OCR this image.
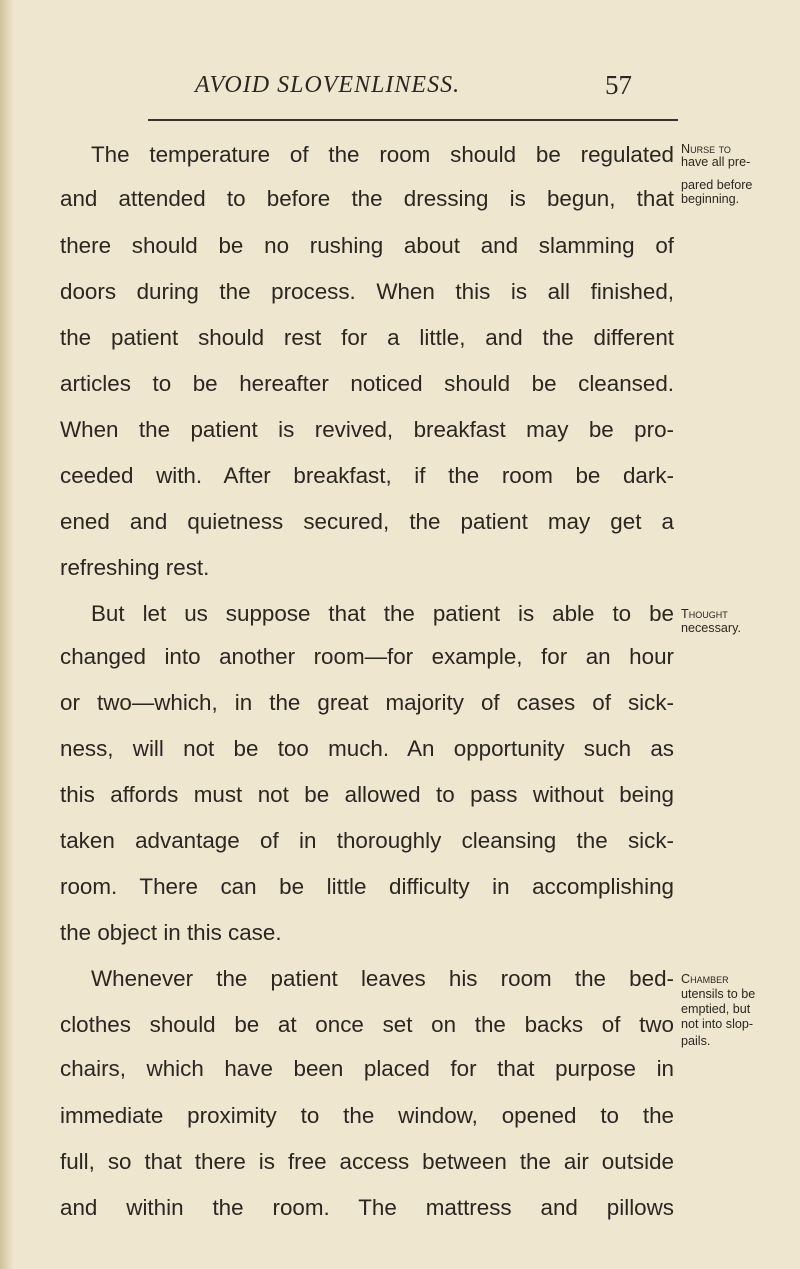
AVOID SLOVENLINESS.	57
The temperature of the room should be regulated
and attended to before the dressing is begun, that
there should be no rushing about and slamming of
doors during the process. When this is all finished,
the patient should rest for a little, and the different
articles to be hereafter noticed should be cleansed.
When the patient is revived, breakfast may be pro-
ceeded with. After breakfast, if the room be dark-
ened and quietness secured, the patient may get a
refreshing rest.
But let us suppose that the patient is able to be
changed into another room—for example, for an hour
or two—which, in the great majority of cases of sick-
ness, will not be too much. An opportunity such as
this affords must not be allowed to pass without being
taken advantage of in thoroughly cleansing the sick-
room. There can be little difficulty in accomplishing
the object in this case.
Whenever the patient leaves his room the bed-
clothes should be at once set on the backs of two
chairs, which have been placed for that purpose in
immediate proximity to the window, opened to the
full, so that there is free access between the air outside
and within the room. The mattress and pillows
Nurse to
have all pre-
pared before
beginning.
Thought
necessary.
Chamber
utensils to be
emptied, but
not into slop-
pails.
